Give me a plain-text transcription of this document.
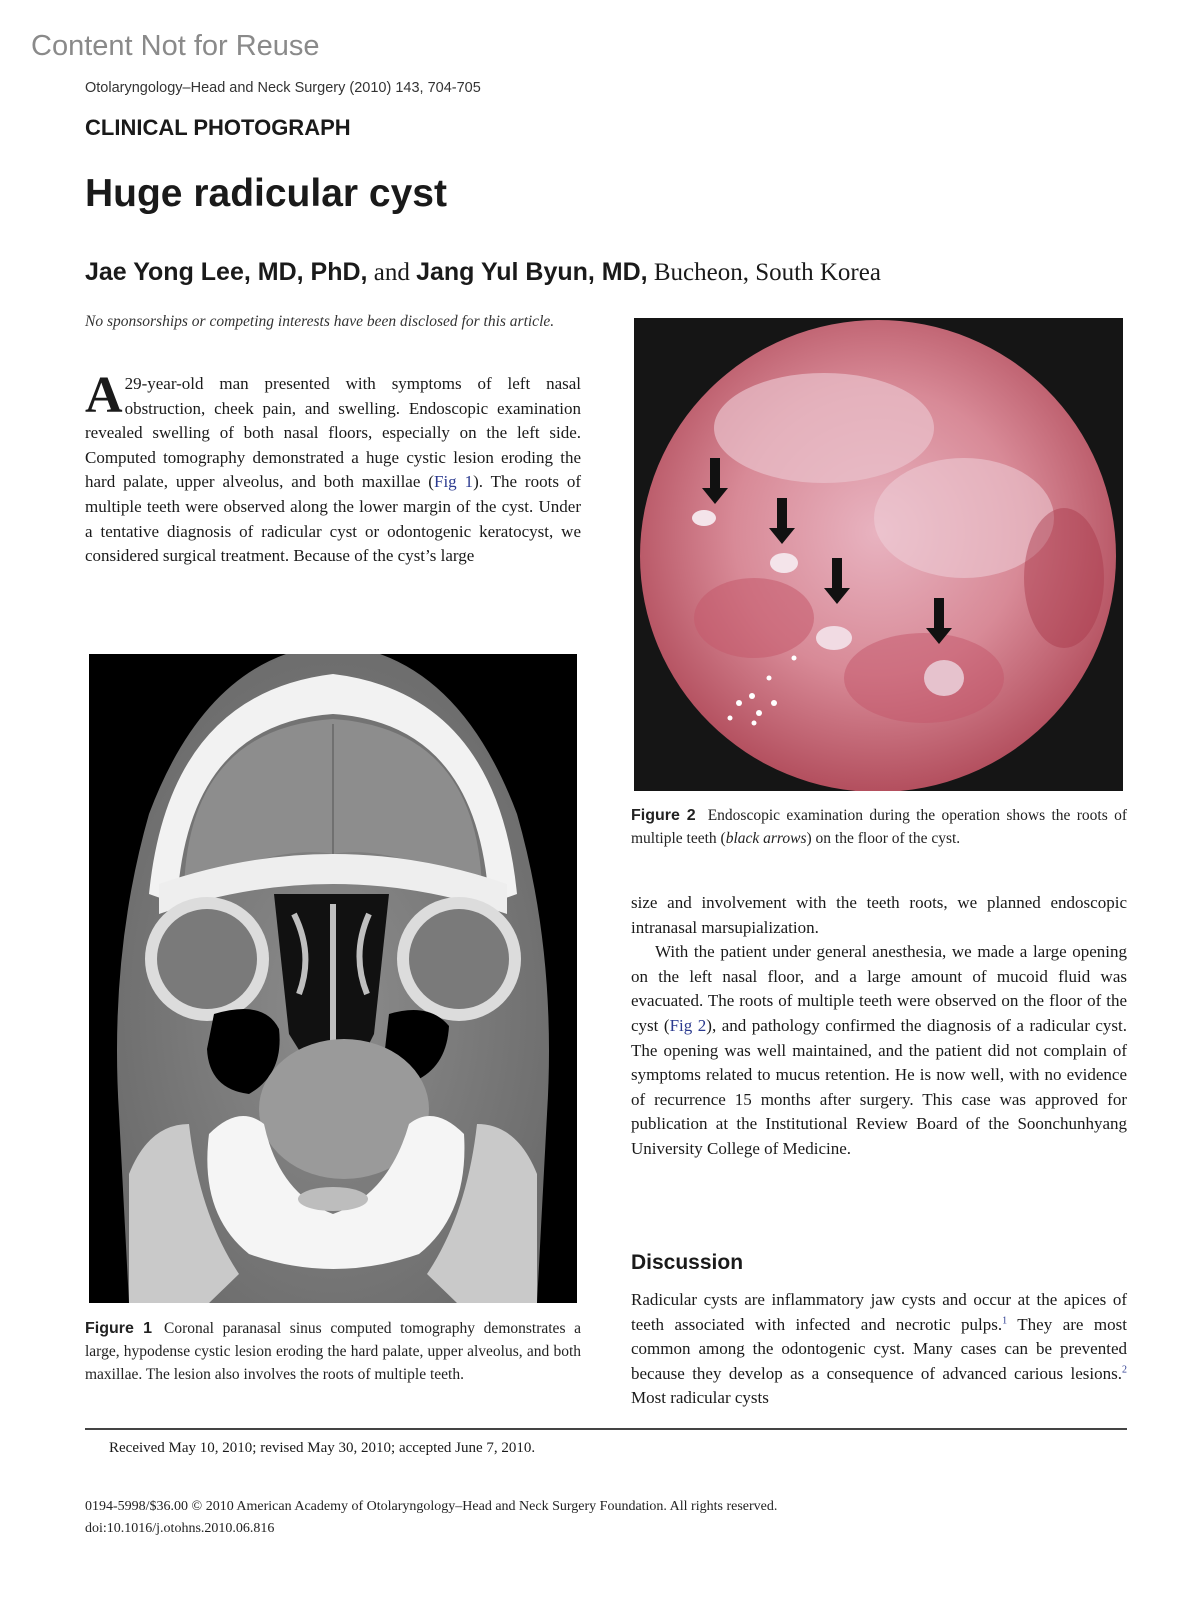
Content Not for Reuse
Otolaryngology–Head and Neck Surgery (2010) 143, 704-705
CLINICAL PHOTOGRAPH
Huge radicular cyst
Jae Yong Lee, MD, PhD, and Jang Yul Byun, MD, Bucheon, South Korea
No sponsorships or competing interests have been disclosed for this article.
A 29-year-old man presented with symptoms of left nasal obstruction, cheek pain, and swelling. Endoscopic examination revealed swelling of both nasal floors, especially on the left side. Computed tomography demonstrated a huge cystic lesion eroding the hard palate, upper alveolus, and both maxillae (Fig 1). The roots of multiple teeth were observed along the lower margin of the cyst. Under a tentative diagnosis of radicular cyst or odontogenic keratocyst, we considered surgical treatment. Because of the cyst’s large
Figure 1 Coronal paranasal sinus computed tomography demonstrates a large, hypodense cystic lesion eroding the hard palate, upper alveolus, and both maxillae. The lesion also involves the roots of multiple teeth.
Figure 2 Endoscopic examination during the operation shows the roots of multiple teeth (black arrows) on the floor of the cyst.

size and involvement with the teeth roots, we planned endoscopic intranasal marsupialization.

With the patient under general anesthesia, we made a large opening on the left nasal floor, and a large amount of mucoid fluid was evacuated. The roots of multiple teeth were observed on the floor of the cyst (Fig 2), and pathology confirmed the diagnosis of a radicular cyst. The opening was well maintained, and the patient did not complain of symptoms related to mucus retention. He is now well, with no evidence of recurrence 15 months after surgery. This case was approved for publication at the Institutional Review Board of the Soonchunhyang University College of Medicine.

Discussion

Radicular cysts are inflammatory jaw cysts and occur at the apices of teeth associated with infected and necrotic pulps.$^1$ They are most common among the odontogenic cyst. Many cases can be prevented because they develop as a consequence of advanced carious lesions.$^2$ Most radicular cysts

Received May 10, 2010; revised May 30, 2010; accepted June 7, 2010.
0194-5998/$36.00 © 2010 American Academy of Otolaryngology–Head and Neck Surgery Foundation. All rights reserved.
doi:10.1016/j.otohns.2010.06.816
